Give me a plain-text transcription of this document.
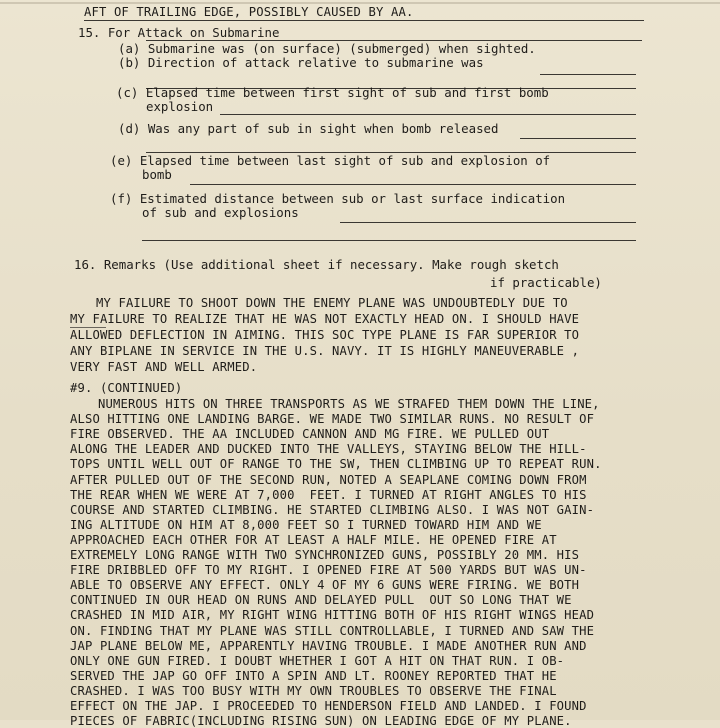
AFT OF TRAILING EDGE, POSSIBLY CAUSED BY AA.
15. For Attack on Submarine
(a) Submarine was (on surface) (submerged) when sighted.
(b) Direction of attack relative to submarine was
(c) Elapsed time between first sight of sub and first bomb
explosion
(d) Was any part of sub in sight when bomb released
(e) Elapsed time between last sight of sub and explosion of
bomb
(f) Estimated distance between sub or last surface indication
of sub and explosions
16. Remarks (Use additional sheet if necessary. Make rough sketch
if practicable)
MY FAILURE TO SHOOT DOWN THE ENEMY PLANE WAS UNDOUBTEDLY DUE TO
MY FAILURE TO REALIZE THAT HE WAS NOT EXACTLY HEAD ON. I SHOULD HAVE
ALLOWED DEFLECTION IN AIMING. THIS SOC TYPE PLANE IS FAR SUPERIOR TO
ANY BIPLANE IN SERVICE IN THE U.S. NAVY. IT IS HIGHLY MANEUVERABLE ,
VERY FAST AND WELL ARMED.
#9. (CONTINUED)
NUMEROUS HITS ON THREE TRANSPORTS AS WE STRAFED THEM DOWN THE LINE,
ALSO HITTING ONE LANDING BARGE. WE MADE TWO SIMILAR RUNS. NO RESULT OF
FIRE OBSERVED. THE AA INCLUDED CANNON AND MG FIRE. WE PULLED OUT
ALONG THE LEADER AND DUCKED INTO THE VALLEYS, STAYING BELOW THE HILL-
TOPS UNTIL WELL OUT OF RANGE TO THE SW, THEN CLIMBING UP TO REPEAT RUN.
AFTER PULLED OUT OF THE SECOND RUN, NOTED A SEAPLANE COMING DOWN FROM
THE REAR WHEN WE WERE AT 7,000  FEET. I TURNED AT RIGHT ANGLES TO HIS
COURSE AND STARTED CLIMBING. HE STARTED CLIMBING ALSO. I WAS NOT GAIN-
ING ALTITUDE ON HIM AT 8,000 FEET SO I TURNED TOWARD HIM AND WE
APPROACHED EACH OTHER FOR AT LEAST A HALF MILE. HE OPENED FIRE AT
EXTREMELY LONG RANGE WITH TWO SYNCHRONIZED GUNS, POSSIBLY 20 MM. HIS
FIRE DRIBBLED OFF TO MY RIGHT. I OPENED FIRE AT 500 YARDS BUT WAS UN-
ABLE TO OBSERVE ANY EFFECT. ONLY 4 OF MY 6 GUNS WERE FIRING. WE BOTH
CONTINUED IN OUR HEAD ON RUNS AND DELAYED PULL  OUT SO LONG THAT WE
CRASHED IN MID AIR, MY RIGHT WING HITTING BOTH OF HIS RIGHT WINGS HEAD
ON. FINDING THAT MY PLANE WAS STILL CONTROLLABLE, I TURNED AND SAW THE
JAP PLANE BELOW ME, APPARENTLY HAVING TROUBLE. I MADE ANOTHER RUN AND
ONLY ONE GUN FIRED. I DOUBT WHETHER I GOT A HIT ON THAT RUN. I OB-
SERVED THE JAP GO OFF INTO A SPIN AND LT. ROONEY REPORTED THAT HE
CRASHED. I WAS TOO BUSY WITH MY OWN TROUBLES TO OBSERVE THE FINAL
EFFECT ON THE JAP. I PROCEEDED TO HENDERSON FIELD AND LANDED. I FOUND
PIECES OF FABRIC(INCLUDING RISING SUN) ON LEADING EDGE OF MY PLANE.
